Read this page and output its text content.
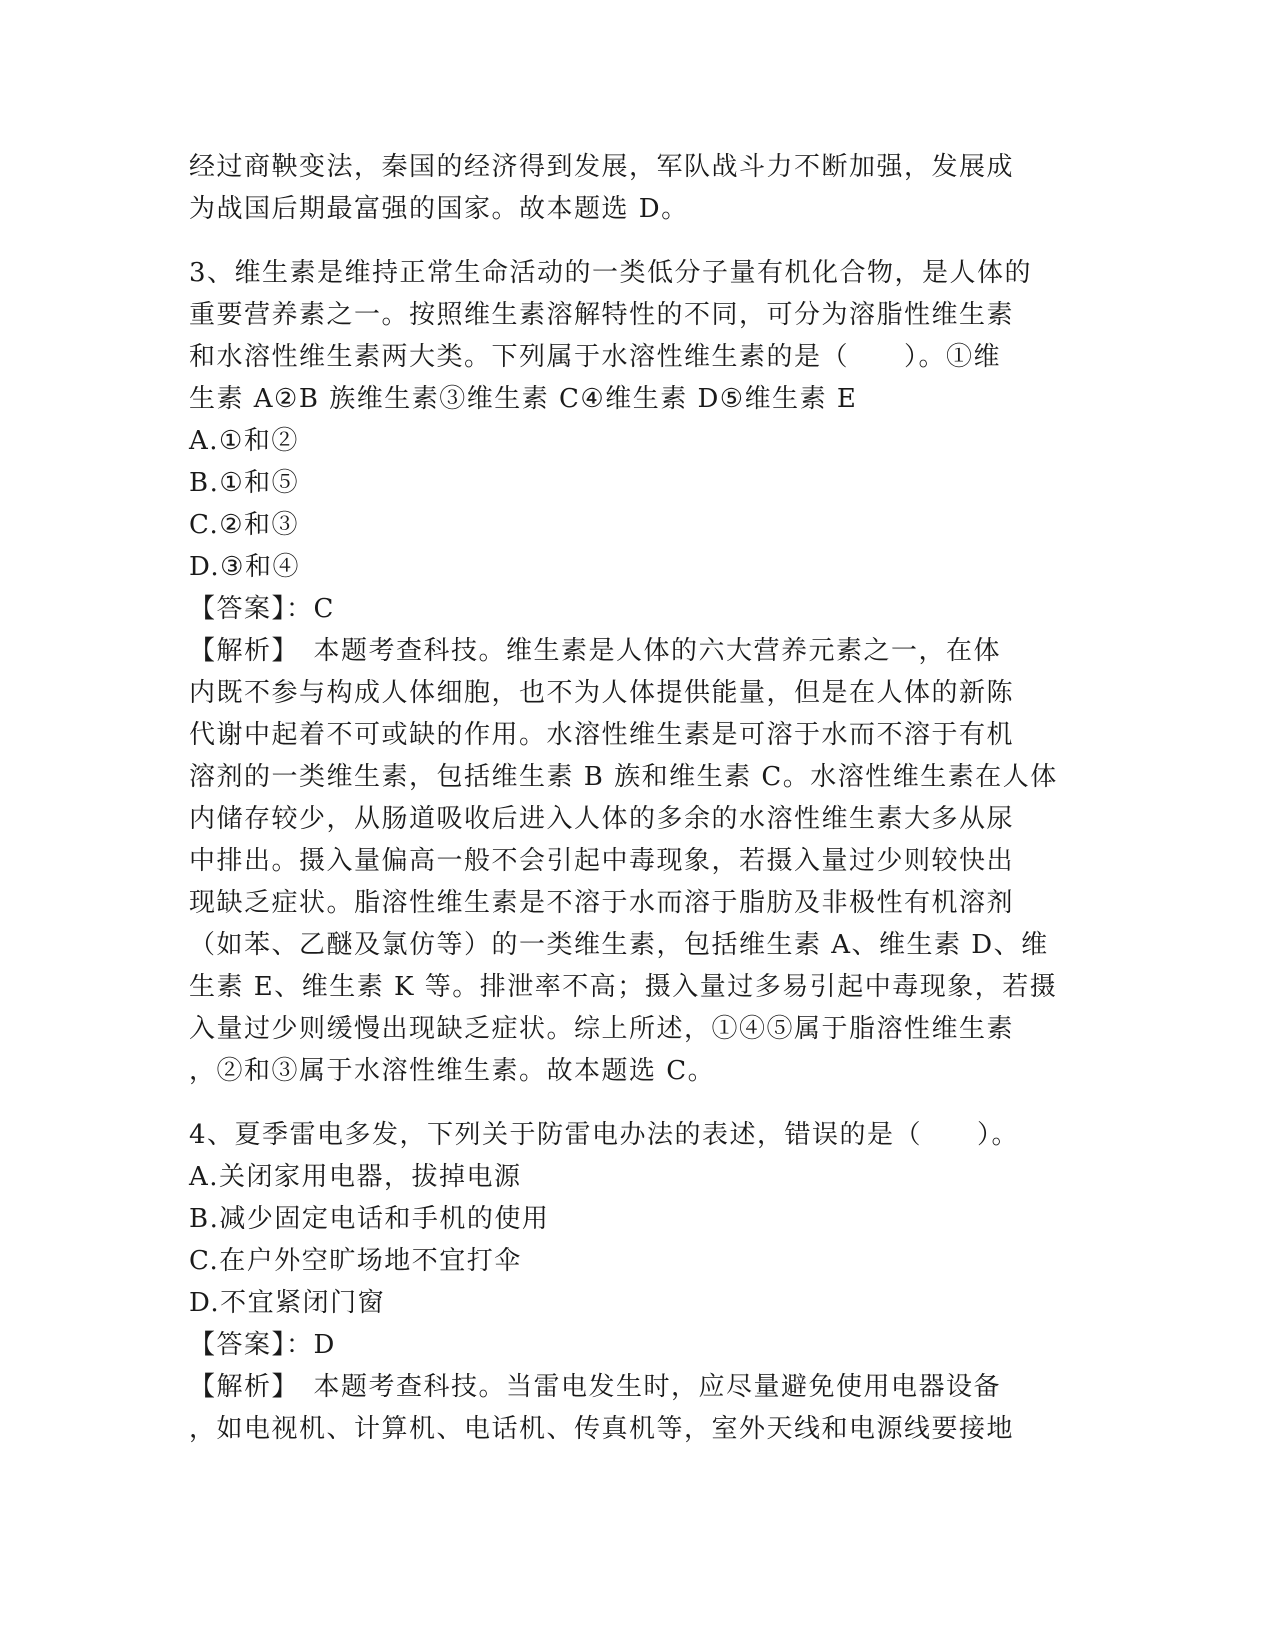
经过商鞅变法，秦国的经济得到发展，军队战斗力不断加强，发展成
为战国后期最富强的国家。故本题选 D。
3、维生素是维持正常生命活动的一类低分子量有机化合物，是人体的
重要营养素之一。按照维生素溶解特性的不同，可分为溶脂性维生素
和水溶性维生素两大类。下列属于水溶性维生素的是（　　）。①维
生素 A②B 族维生素③维生素 C④维生素 D⑤维生素 E
A.①和②
B.①和⑤
C.②和③
D.③和④
【答案】：C
【解析】　本题考查科技。维生素是人体的六大营养元素之一，在体
内既不参与构成人体细胞，也不为人体提供能量，但是在人体的新陈
代谢中起着不可或缺的作用。水溶性维生素是可溶于水而不溶于有机
溶剂的一类维生素，包括维生素 B 族和维生素 C。水溶性维生素在人体
内储存较少，从肠道吸收后进入人体的多余的水溶性维生素大多从尿
中排出。摄入量偏高一般不会引起中毒现象，若摄入量过少则较快出
现缺乏症状。脂溶性维生素是不溶于水而溶于脂肪及非极性有机溶剂
（如苯、乙醚及氯仿等）的一类维生素，包括维生素 A、维生素 D、维
生素 E、维生素 K 等。排泄率不高；摄入量过多易引起中毒现象，若摄
入量过少则缓慢出现缺乏症状。综上所述，①④⑤属于脂溶性维生素
，②和③属于水溶性维生素。故本题选 C。
4、夏季雷电多发，下列关于防雷电办法的表述，错误的是（　　）。
A.关闭家用电器，拔掉电源
B.减少固定电话和手机的使用
C.在户外空旷场地不宜打伞
D.不宜紧闭门窗
【答案】：D
【解析】　本题考查科技。当雷电发生时，应尽量避免使用电器设备
，如电视机、计算机、电话机、传真机等，室外天线和电源线要接地
